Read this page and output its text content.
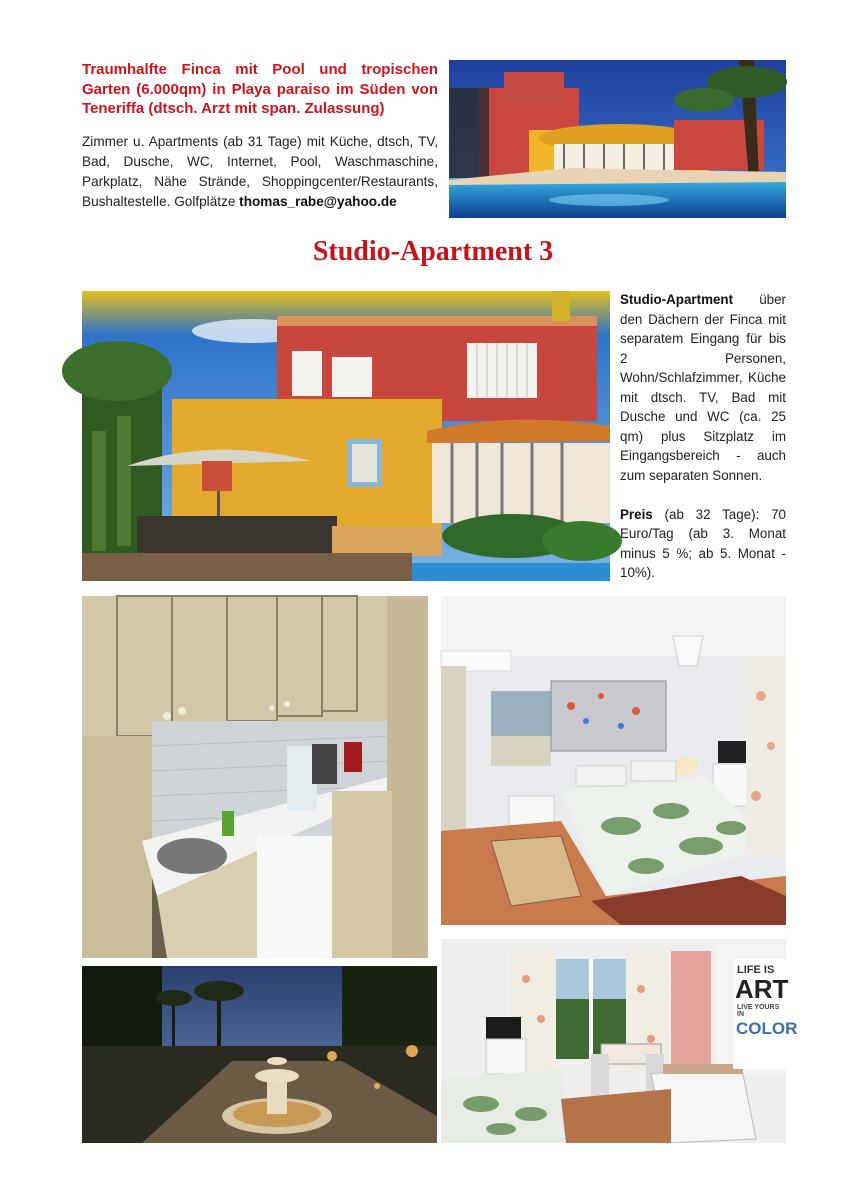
Traumhalfte Finca mit Pool und tropischen Garten (6.000qm) in Playa paraiso im Süden von Teneriffa (dtsch. Arzt mit span. Zulassung)

Zimmer u. Apartments (ab 31 Tage) mit Küche, dtsch, TV, Bad, Dusche, WC, Internet, Pool, Waschmaschine, Parkplatz, Nähe Strände, Shoppingcenter/Restaurants, Bushaltestelle. Golfplätze thomas_rabe@yahoo.de

Studio-Apartment 3

Studio-Apartment über den Dächern der Finca mit separatem Eingang für bis 2 Personen, Wohn/Schlafzimmer, Küche mit dtsch. TV, Bad mit Dusche und WC (ca. 25 qm) plus Sitzplatz im Eingangsbereich - auch zum separaten Sonnen.

Preis (ab 32 Tage): 70 Euro/Tag (ab 3. Monat minus 5 %; ab 5. Monat - 10%).

LIFE IS
ART
LIVE YOURS IN
COLOR
